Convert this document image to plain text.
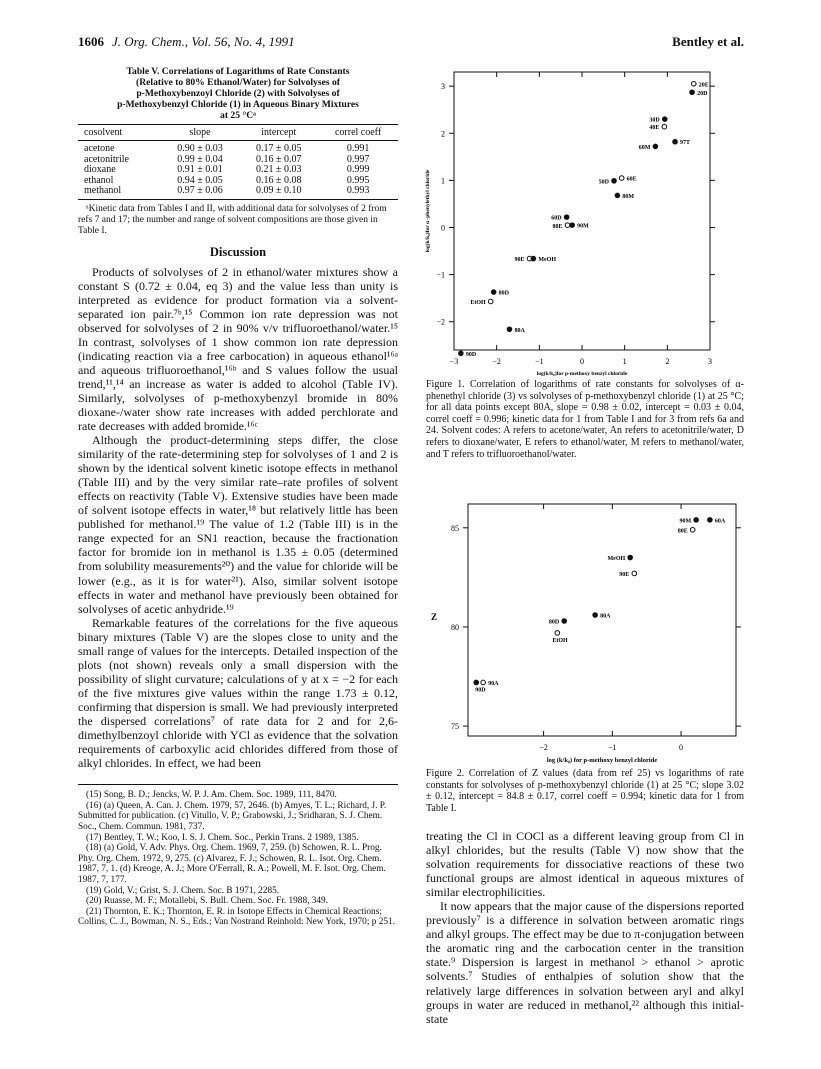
1606 J. Org. Chem., Vol. 56, No. 4, 1991	Bentley et al.
Table V. Correlations of Logarithms of Rate Constants
(Relative to 80% Ethanol/Water) for Solvolyses of
p-Methoxybenzoyl Chloride (2) with Solvolyses of
p-Methoxybenzyl Chloride (1) in Aqueous Binary Mixtures
at 25 °Cᵃ
cosolvent	slope	intercept	correl coeff
acetone	0.90 ± 0.03	0.17 ± 0.05	0.991
acetonitrile	0.99 ± 0.04	0.16 ± 0.07	0.997
dioxane	0.91 ± 0.01	0.21 ± 0.03	0.999
ethanol	0.94 ± 0.05	0.16 ± 0.08	0.995
methanol	0.97 ± 0.06	0.09 ± 0.10	0.993
ᵃKinetic data from Tables I and II, with additional data for solvolyses of 2 from refs 7 and 17; the number and range of solvent compositions are those given in Table I.
Discussion

Products of solvolyses of 2 in ethanol/water mixtures show a constant S (0.72 ± 0.04, eq 3) and the value less than unity is interpreted as evidence for product formation via a solvent-separated ion pair.⁷ᵇ,¹⁵ Common ion rate depression was not observed for solvolyses of 2 in 90% v/v trifluoroethanol/water.¹⁵ In contrast, solvolyses of 1 show common ion rate depression (indicating reaction via a free carbocation) in aqueous ethanol¹⁶ᵃ and aqueous trifluoroethanol,¹⁶ᵇ and S values follow the usual trend,¹¹,¹⁴ an increase as water is added to alcohol (Table IV). Similarly, solvolyses of p-methoxybenzyl bromide in 80% dioxane-/water show rate increases with added perchlorate and rate decreases with added bromide.¹⁶ᶜ

Although the product-determining steps differ, the close similarity of the rate-determining step for solvolyses of 1 and 2 is shown by the identical solvent kinetic isotope effects in methanol (Table III) and by the very similar rate–rate profiles of solvent effects on reactivity (Table V). Extensive studies have been made of solvent isotope effects in water,¹⁸ but relatively little has been published for methanol.¹⁹ The value of 1.2 (Table III) is in the range expected for an SN1 reaction, because the fractionation factor for bromide ion in methanol is 1.35 ± 0.05 (determined from solubility measurements²⁰) and the value for chloride will be lower (e.g., as it is for water²¹). Also, similar solvent isotope effects in water and methanol have previously been obtained for solvolyses of acetic anhydride.¹⁹

Remarkable features of the correlations for the five aqueous binary mixtures (Table V) are the slopes close to unity and the small range of values for the intercepts. Detailed inspection of the plots (not shown) reveals only a small dispersion with the possibility of slight curvature; calculations of y at x = −2 for each of the five mixtures give values within the range 1.73 ± 0.12, confirming that dispersion is small. We had previously interpreted the dispersed correlations⁷ of rate data for 2 and for 2,6-dimethylbenzoyl chloride with YCl as evidence that the solvation requirements of carboxylic acid chlorides differed from those of alkyl chlorides. In effect, we had been

(15) Song, B. D.; Jencks, W. P. J. Am. Chem. Soc. 1989, 111, 8470.
(16) (a) Queen, A. Can. J. Chem. 1979, 57, 2646. (b) Amyes, T. L.; Richard, J. P. Submitted for publication. (c) Vitullo, V. P.; Grabowski, J.; Sridharan, S. J. Chem. Soc., Chem. Commun. 1981, 737.
(17) Bentley, T. W.; Koo, I. S. J. Chem. Soc., Perkin Trans. 2 1989, 1385.
(18) (a) Gold, V. Adv. Phys. Org. Chem. 1969, 7, 259. (b) Schowen, R. L. Prog. Phy. Org. Chem. 1972, 9, 275. (c) Alvarez, F. J.; Schowen, R. L. Isot. Org. Chem. 1987, 7, 1. (d) Kreoge, A. J.; More O'Ferrall, R. A.; Powell, M. F. Isot. Org. Chem. 1987, 7, 177.
(19) Gold, V.; Grist, S. J. Chem. Soc. B 1971, 2285.
(20) Ruasse, M. F.; Motallebi, S. Bull. Chem. Soc. Fr. 1988, 349.
(21) Thornton, E. K.; Thornton, E. R. in Isotope Effects in Chemical Reactions; Collins, C. J., Bowman, N. S., Eds.; Van Nostrand Reinhold: New York, 1970; p 251.
−3	−2	−1	0	1	2	3
−2
−1
0
1
2
3
log(k/k₀)for p-methoxy benzyl chloride
log(k/k₀)for α -phenylethyl chloride
20E
20D
30D
40E
97T
60M
60E
50D
80M
60D
80E 90M
90E MeOH
80D
EtOH
80A
90D
Figure 1. Correlation of logarithms of rate constants for solvolyses of α-phenethyl chloride (3) vs solvolyses of p-methoxybenzyl chloride (1) at 25 °C; for all data points except 80A, slope = 0.98 ± 0.02, intercept = 0.03 ± 0.04, correl coeff = 0.996; kinetic data for 1 from Table I and for 3 from refs 6a and 24. Solvent codes: A refers to acetone/water, An refers to acetonitrile/water, D refers to dioxane/water, E refers to ethanol/water, M refers to methanol/water, and T refers to trifluoroethanol/water.
−2	−1	0
75
80
85
log (k/k₀) for p-methoxy benzyl chloride
Z
90M	60A
80E
MeOH
90E
80A
80D
EtOH
90A
90D
Figure 2. Correlation of Z values (data from ref 25) vs logarithms of rate constants for solvolyses of p-methoxybenzyl chloride (1) at 25 °C; slope 3.02 ± 0.12, intercept = 84.8 ± 0.17, correl coeff = 0.994; kinetic data for 1 from Table I.

treating the Cl in COCl as a different leaving group from Cl in alkyl chlorides, but the results (Table V) now show that the solvation requirements for dissociative reactions of these two functional groups are almost identical in aqueous mixtures of similar electrophilicities.

It now appears that the major cause of the dispersions reported previously⁷ is a difference in solvation between aromatic rings and alkyl groups. The effect may be due to π-conjugation between the aromatic ring and the carbocation center in the transition state.⁹ Dispersion is largest in methanol > ethanol > aprotic solvents.⁷ Studies of enthalpies of solution show that the relatively large differences in solvation between aryl and alkyl groups in water are reduced in methanol,²² although this initial-state
